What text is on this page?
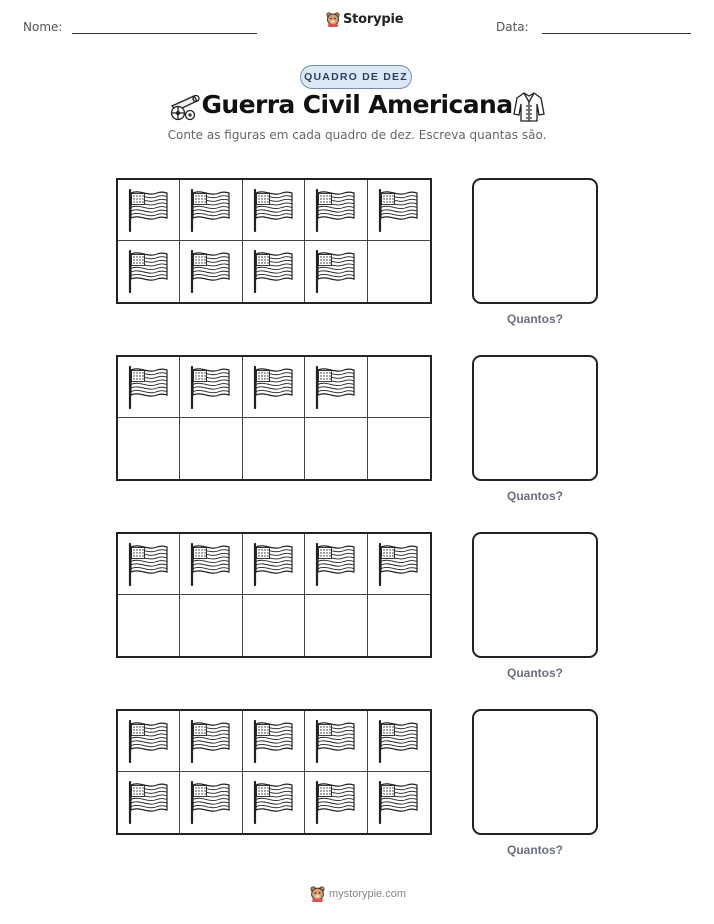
Nome:	Storypie	Data:
QUADRO DE DEZ
Guerra Civil Americana
Conte as figuras em cada quadro de dez. Escreva quantas são.
Quantos?
Quantos?
Quantos?
Quantos?
mystorypie.com
